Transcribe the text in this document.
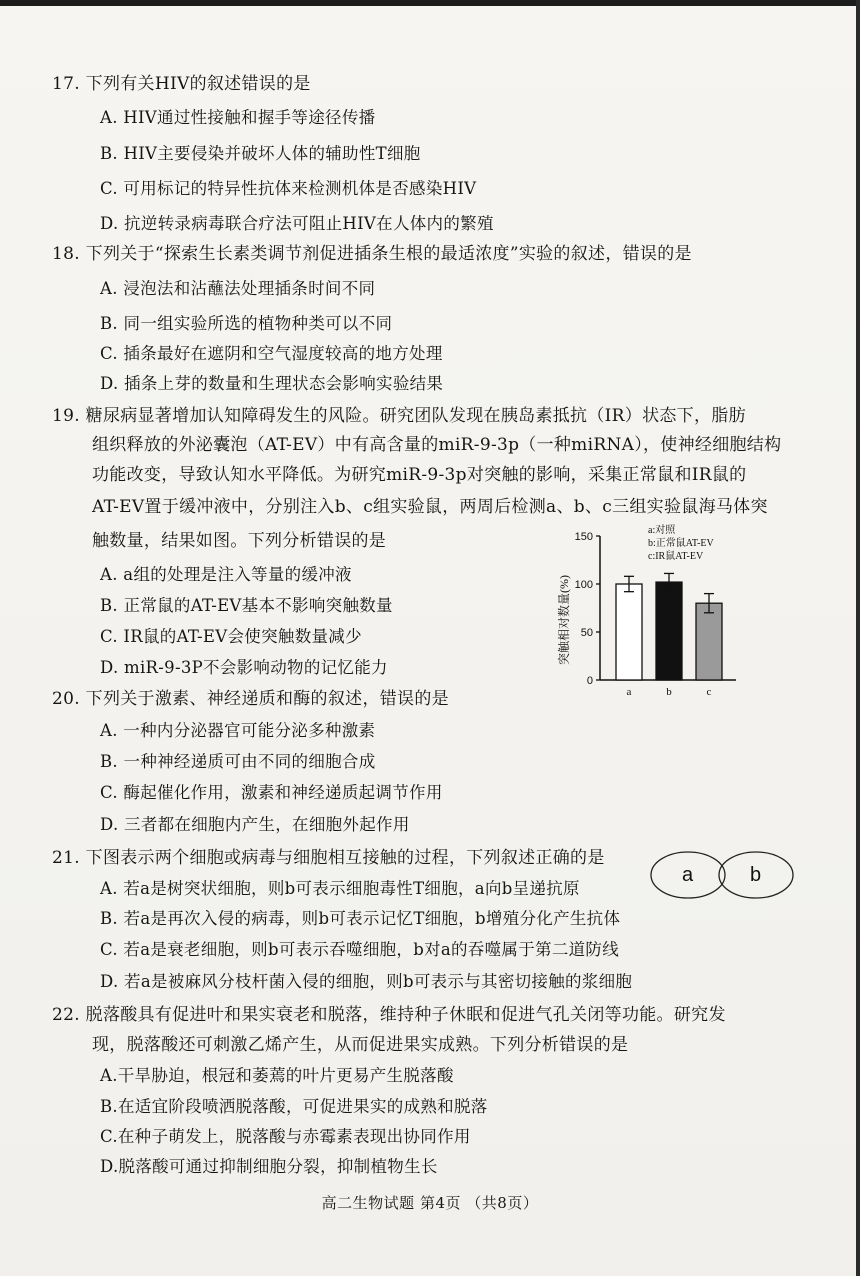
17. 下列有关HIV的叙述错误的是
A. HIV通过性接触和握手等途径传播
B. HIV主要侵染并破坏人体的辅助性T细胞
C. 可用标记的特异性抗体来检测机体是否感染HIV
D. 抗逆转录病毒联合疗法可阻止HIV在人体内的繁殖
18. 下列关于“探索生长素类调节剂促进插条生根的最适浓度”实验的叙述，错误的是
A. 浸泡法和沾蘸法处理插条时间不同
B. 同一组实验所选的植物种类可以不同
C. 插条最好在遮阴和空气湿度较高的地方处理
D. 插条上芽的数量和生理状态会影响实验结果
19. 糖尿病显著增加认知障碍发生的风险。研究团队发现在胰岛素抵抗（IR）状态下，脂肪
组织释放的外泌囊泡（AT-EV）中有高含量的miR-9-3p（一种miRNA），使神经细胞结构
功能改变，导致认知水平降低。为研究miR-9-3p对突触的影响，采集正常鼠和IR鼠的
AT-EV置于缓冲液中，分别注入b、c组实验鼠，两周后检测a、b、c三组实验鼠海马体突
触数量，结果如图。下列分析错误的是
A. a组的处理是注入等量的缓冲液
B. 正常鼠的AT-EV基本不影响突触数量
C. IR鼠的AT-EV会使突触数量减少
D. miR-9-3P不会影响动物的记忆能力
突触相对数量(%)
0
50
100
150
a	b	c
a:对照
b:正常鼠AT-EV
c:IR鼠AT-EV
20. 下列关于激素、神经递质和酶的叙述，错误的是
A. 一种内分泌器官可能分泌多种激素
B. 一种神经递质可由不同的细胞合成
C. 酶起催化作用，激素和神经递质起调节作用
D. 三者都在细胞内产生，在细胞外起作用
21. 下图表示两个细胞或病毒与细胞相互接触的过程，下列叙述正确的是
A. 若a是树突状细胞，则b可表示细胞毒性T细胞，a向b呈递抗原
B. 若a是再次入侵的病毒，则b可表示记忆T细胞，b增殖分化产生抗体
C. 若a是衰老细胞，则b可表示吞噬细胞，b对a的吞噬属于第二道防线
D. 若a是被麻风分枝杆菌入侵的细胞，则b可表示与其密切接触的浆细胞
a	b
22. 脱落酸具有促进叶和果实衰老和脱落，维持种子休眠和促进气孔关闭等功能。研究发
现，脱落酸还可刺激乙烯产生，从而促进果实成熟。下列分析错误的是
A.干旱胁迫，根冠和萎蔫的叶片更易产生脱落酸
B.在适宜阶段喷洒脱落酸，可促进果实的成熟和脱落
C.在种子萌发上，脱落酸与赤霉素表现出协同作用
D.脱落酸可通过抑制细胞分裂，抑制植物生长
高二生物试题 第4页 （共8页）
